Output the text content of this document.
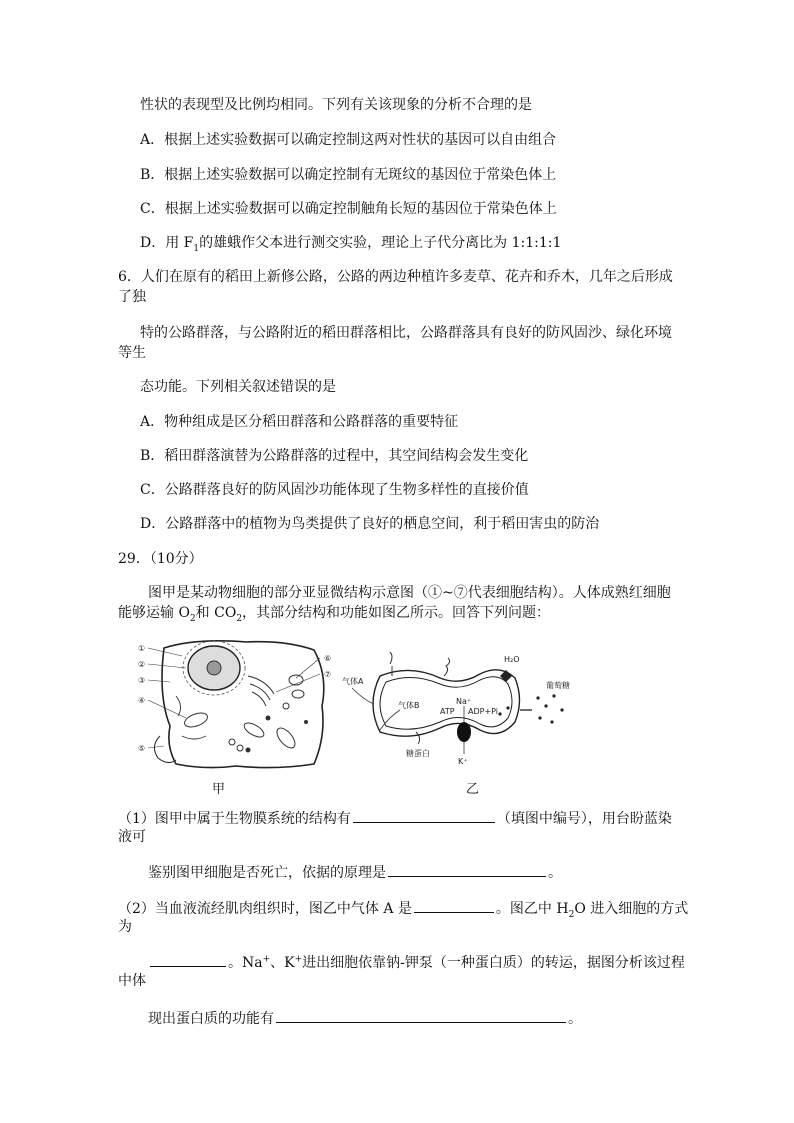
性状的表现型及比例均相同。下列有关该现象的分析不合理的是
A．根据上述实验数据可以确定控制这两对性状的基因可以自由组合
B．根据上述实验数据可以确定控制有无斑纹的基因位于常染色体上
C．根据上述实验数据可以确定控制触角长短的基因位于常染色体上
D．用 $F_1$的雄蛾作父本进行测交实验，理论上子代分离比为 1:1:1:1
6．人们在原有的稻田上新修公路，公路的两边种植许多麦草、花卉和乔木，几年之后形成
了独
特的公路群落，与公路附近的稻田群落相比，公路群落具有良好的防风固沙、绿化环境
等生
态功能。下列相关叙述错误的是
A．物种组成是区分稻田群落和公路群落的重要特征
B．稻田群落演替为公路群落的过程中，其空间结构会发生变化
C．公路群落良好的防风固沙功能体现了生物多样性的直接价值
D．公路群落中的植物为鸟类提供了良好的栖息空间，利于稻田害虫的防治
29．（10分）
图甲是某动物细胞的部分亚显微结构示意图（①~⑦代表细胞结构）。人体成熟红细胞
能够运输 $O_2$和 $CO_2$，其部分结构和功能如图乙所示。回答下列问题：
①
②
③
④
⑤
⑥
⑦
甲
气体A
气体B
H₂O
葡萄糖
Na⁺
ATP ADP+Pi
K⁺
糖蛋白
乙
（1）图甲中属于生物膜系统的结构有	（填图中编号），用台盼蓝染
液可
鉴别图甲细胞是否死亡，依据的原理是	。
（2）当血液流经肌肉组织时，图乙中气体 A 是	。图乙中 $H_2O$ 进入细胞的方式
为
。Na+、K+进出细胞依靠钠-钾泵（一种蛋白质）的转运，据图分析该过程
中体
现出蛋白质的功能有	。
